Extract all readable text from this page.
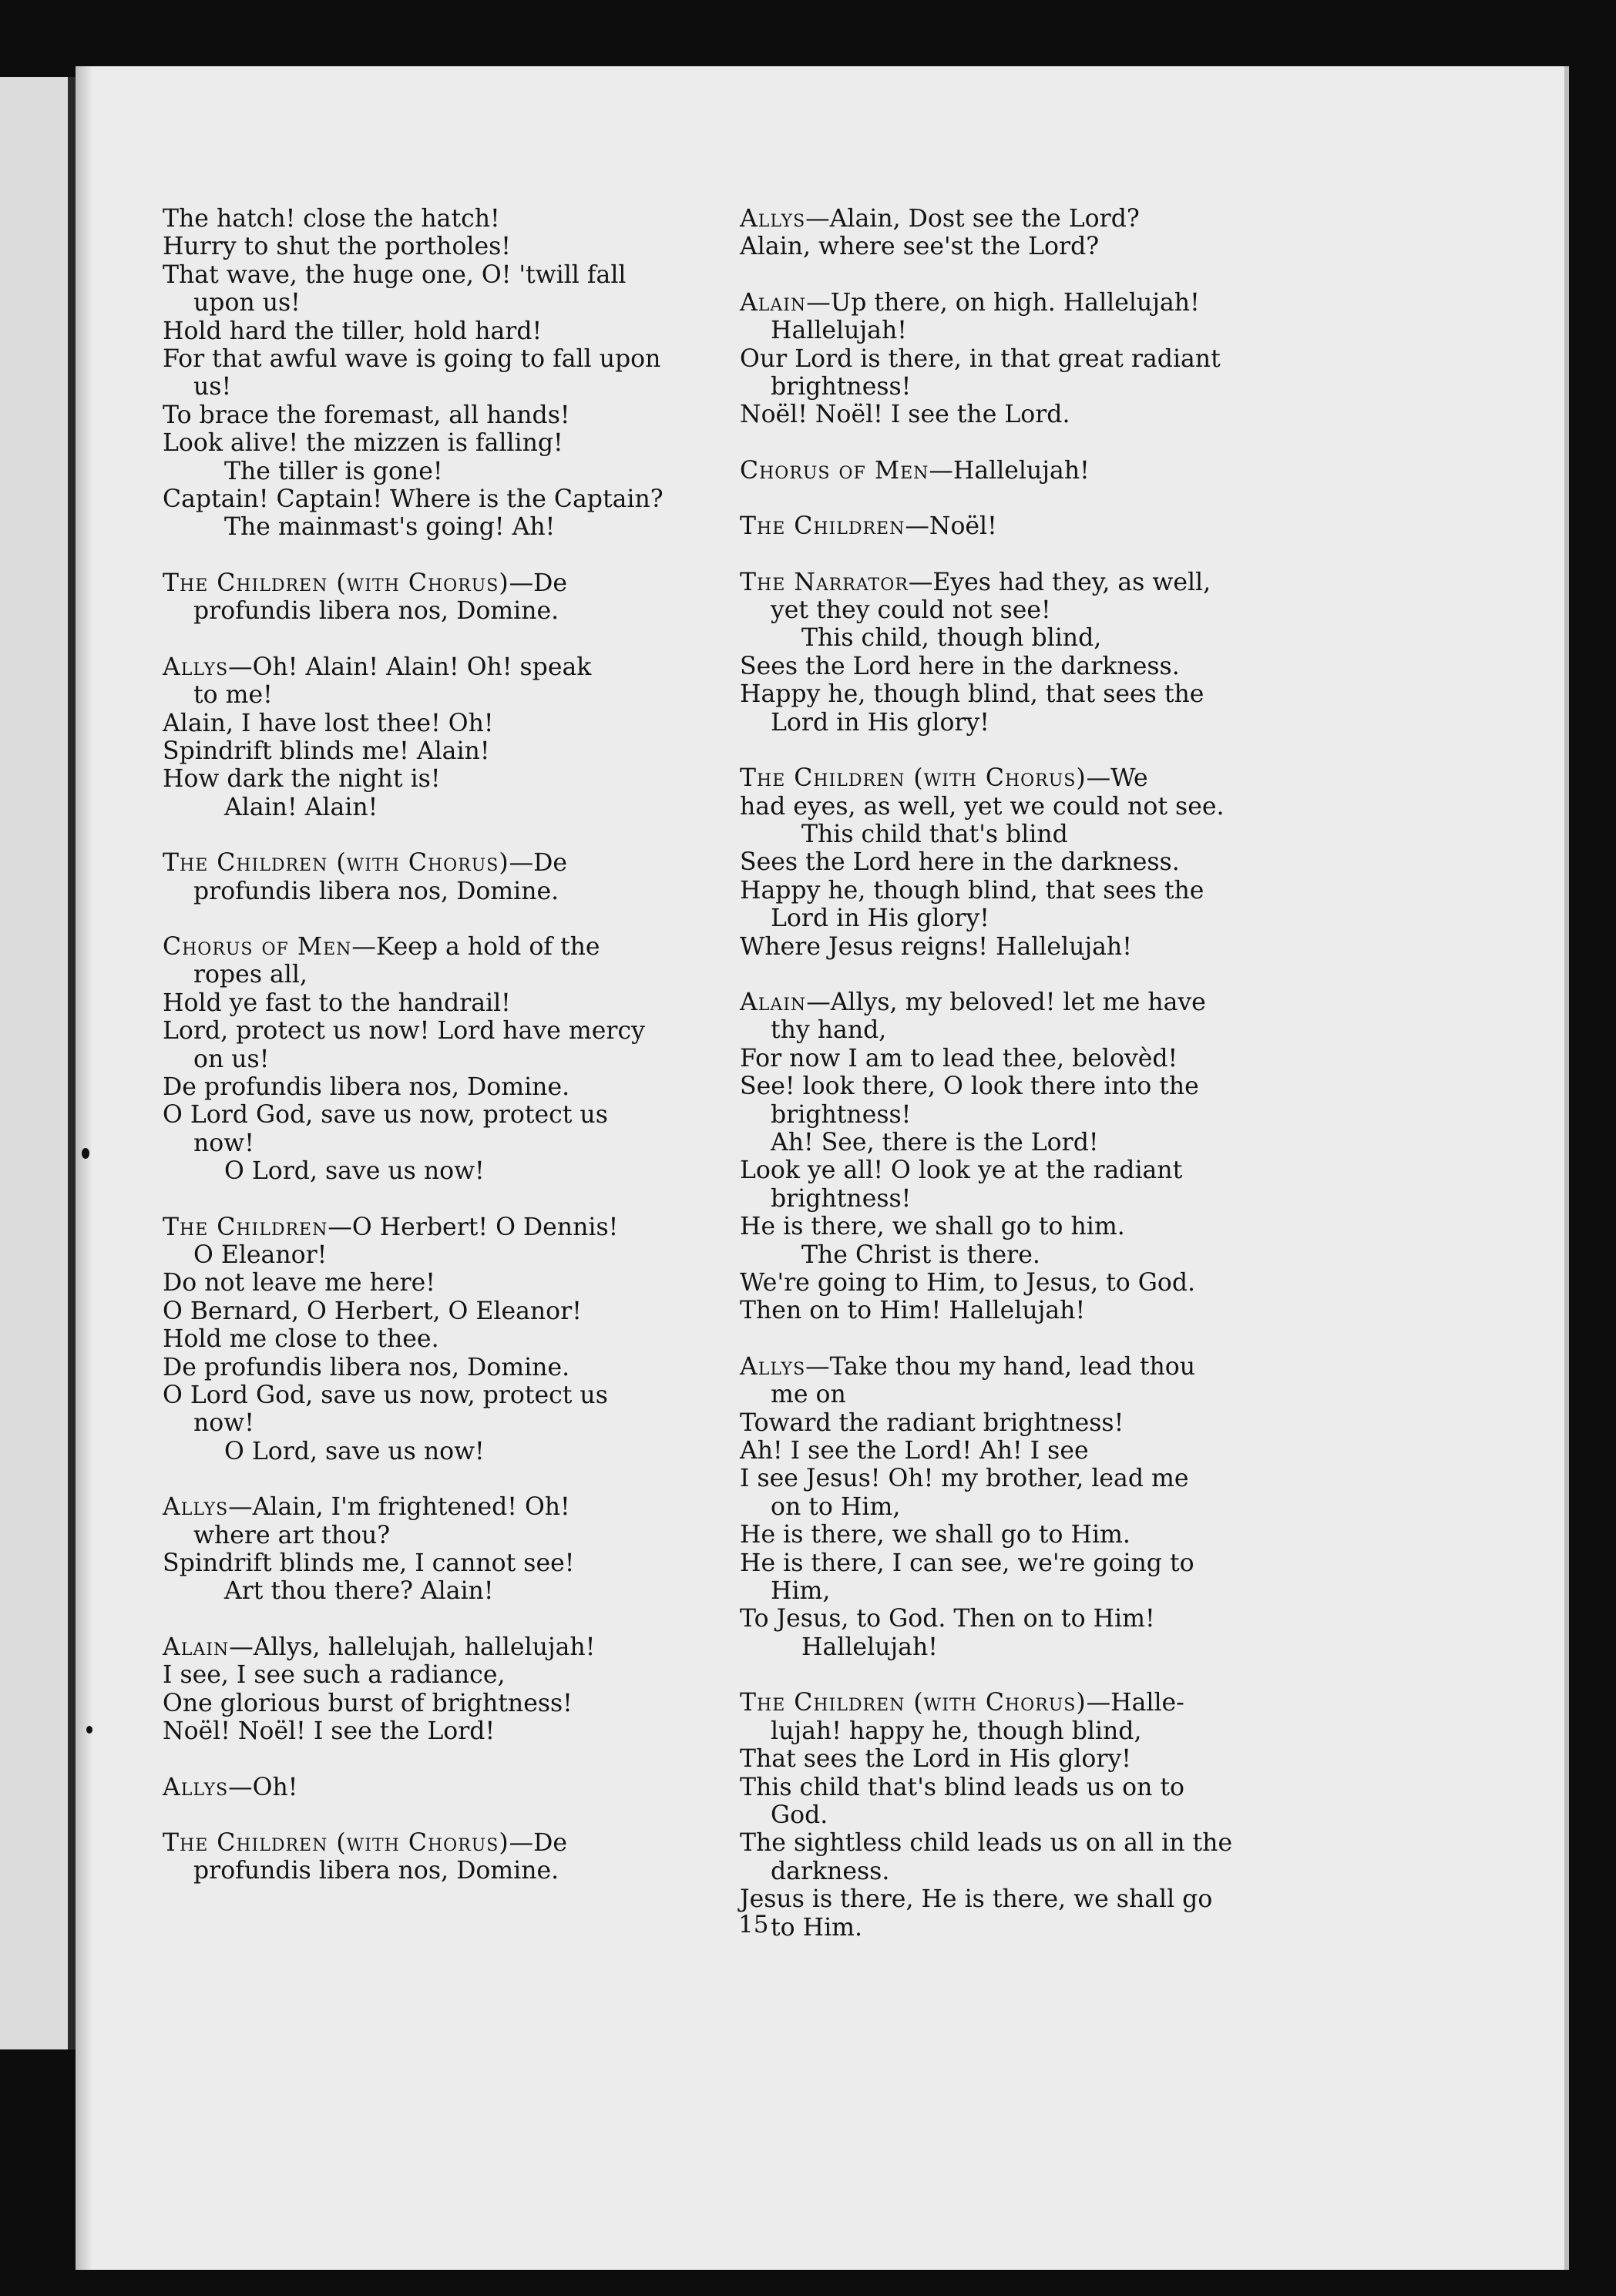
The hatch! close the hatch!
Hurry to shut the portholes!
That wave, the huge one, O! 'twill fall
upon us!
Hold hard the tiller, hold hard!
For that awful wave is going to fall upon
us!
To brace the foremast, all hands!
Look alive! the mizzen is falling!
The tiller is gone!
Captain! Captain! Where is the Captain?
The mainmast's going! Ah!
The Children (with Chorus)—De
profundis libera nos, Domine.
Allys—Oh! Alain! Alain! Oh! speak
to me!
Alain, I have lost thee! Oh!
Spindrift blinds me! Alain!
How dark the night is!
Alain! Alain!
The Children (with Chorus)—De
profundis libera nos, Domine.
Chorus of Men—Keep a hold of the
ropes all,
Hold ye fast to the handrail!
Lord, protect us now! Lord have mercy
on us!
De profundis libera nos, Domine.
O Lord God, save us now, protect us
now!
O Lord, save us now!
The Children—O Herbert! O Dennis!
O Eleanor!
Do not leave me here!
O Bernard, O Herbert, O Eleanor!
Hold me close to thee.
De profundis libera nos, Domine.
O Lord God, save us now, protect us
now!
O Lord, save us now!
Allys—Alain, I'm frightened! Oh!
where art thou?
Spindrift blinds me, I cannot see!
Art thou there? Alain!
Alain—Allys, hallelujah, hallelujah!
I see, I see such a radiance,
One glorious burst of brightness!
Noël! Noël! I see the Lord!
Allys—Oh!
The Children (with Chorus)—De
profundis libera nos, Domine.
Allys—Alain, Dost see the Lord?
Alain, where see'st the Lord?
Alain—Up there, on high. Hallelujah!
Hallelujah!
Our Lord is there, in that great radiant
brightness!
Noël! Noël! I see the Lord.
Chorus of Men—Hallelujah!
The Children—Noël!
The Narrator—Eyes had they, as well,
yet they could not see!
This child, though blind,
Sees the Lord here in the darkness.
Happy he, though blind, that sees the
Lord in His glory!
The Children (with Chorus)—We
had eyes, as well, yet we could not see.
This child that's blind
Sees the Lord here in the darkness.
Happy he, though blind, that sees the
Lord in His glory!
Where Jesus reigns! Hallelujah!
Alain—Allys, my beloved! let me have
thy hand,
For now I am to lead thee, belovèd!
See! look there, O look there into the
brightness!
Ah! See, there is the Lord!
Look ye all! O look ye at the radiant
brightness!
He is there, we shall go to him.
The Christ is there.
We're going to Him, to Jesus, to God.
Then on to Him! Hallelujah!
Allys—Take thou my hand, lead thou
me on
Toward the radiant brightness!
Ah! I see the Lord! Ah! I see
I see Jesus! Oh! my brother, lead me
on to Him,
He is there, we shall go to Him.
He is there, I can see, we're going to
Him,
To Jesus, to God. Then on to Him!
Hallelujah!
The Children (with Chorus)—Halle-
lujah! happy he, though blind,
That sees the Lord in His glory!
This child that's blind leads us on to
God.
The sightless child leads us on all in the
darkness.
Jesus is there, He is there, we shall go
to Him.
15
